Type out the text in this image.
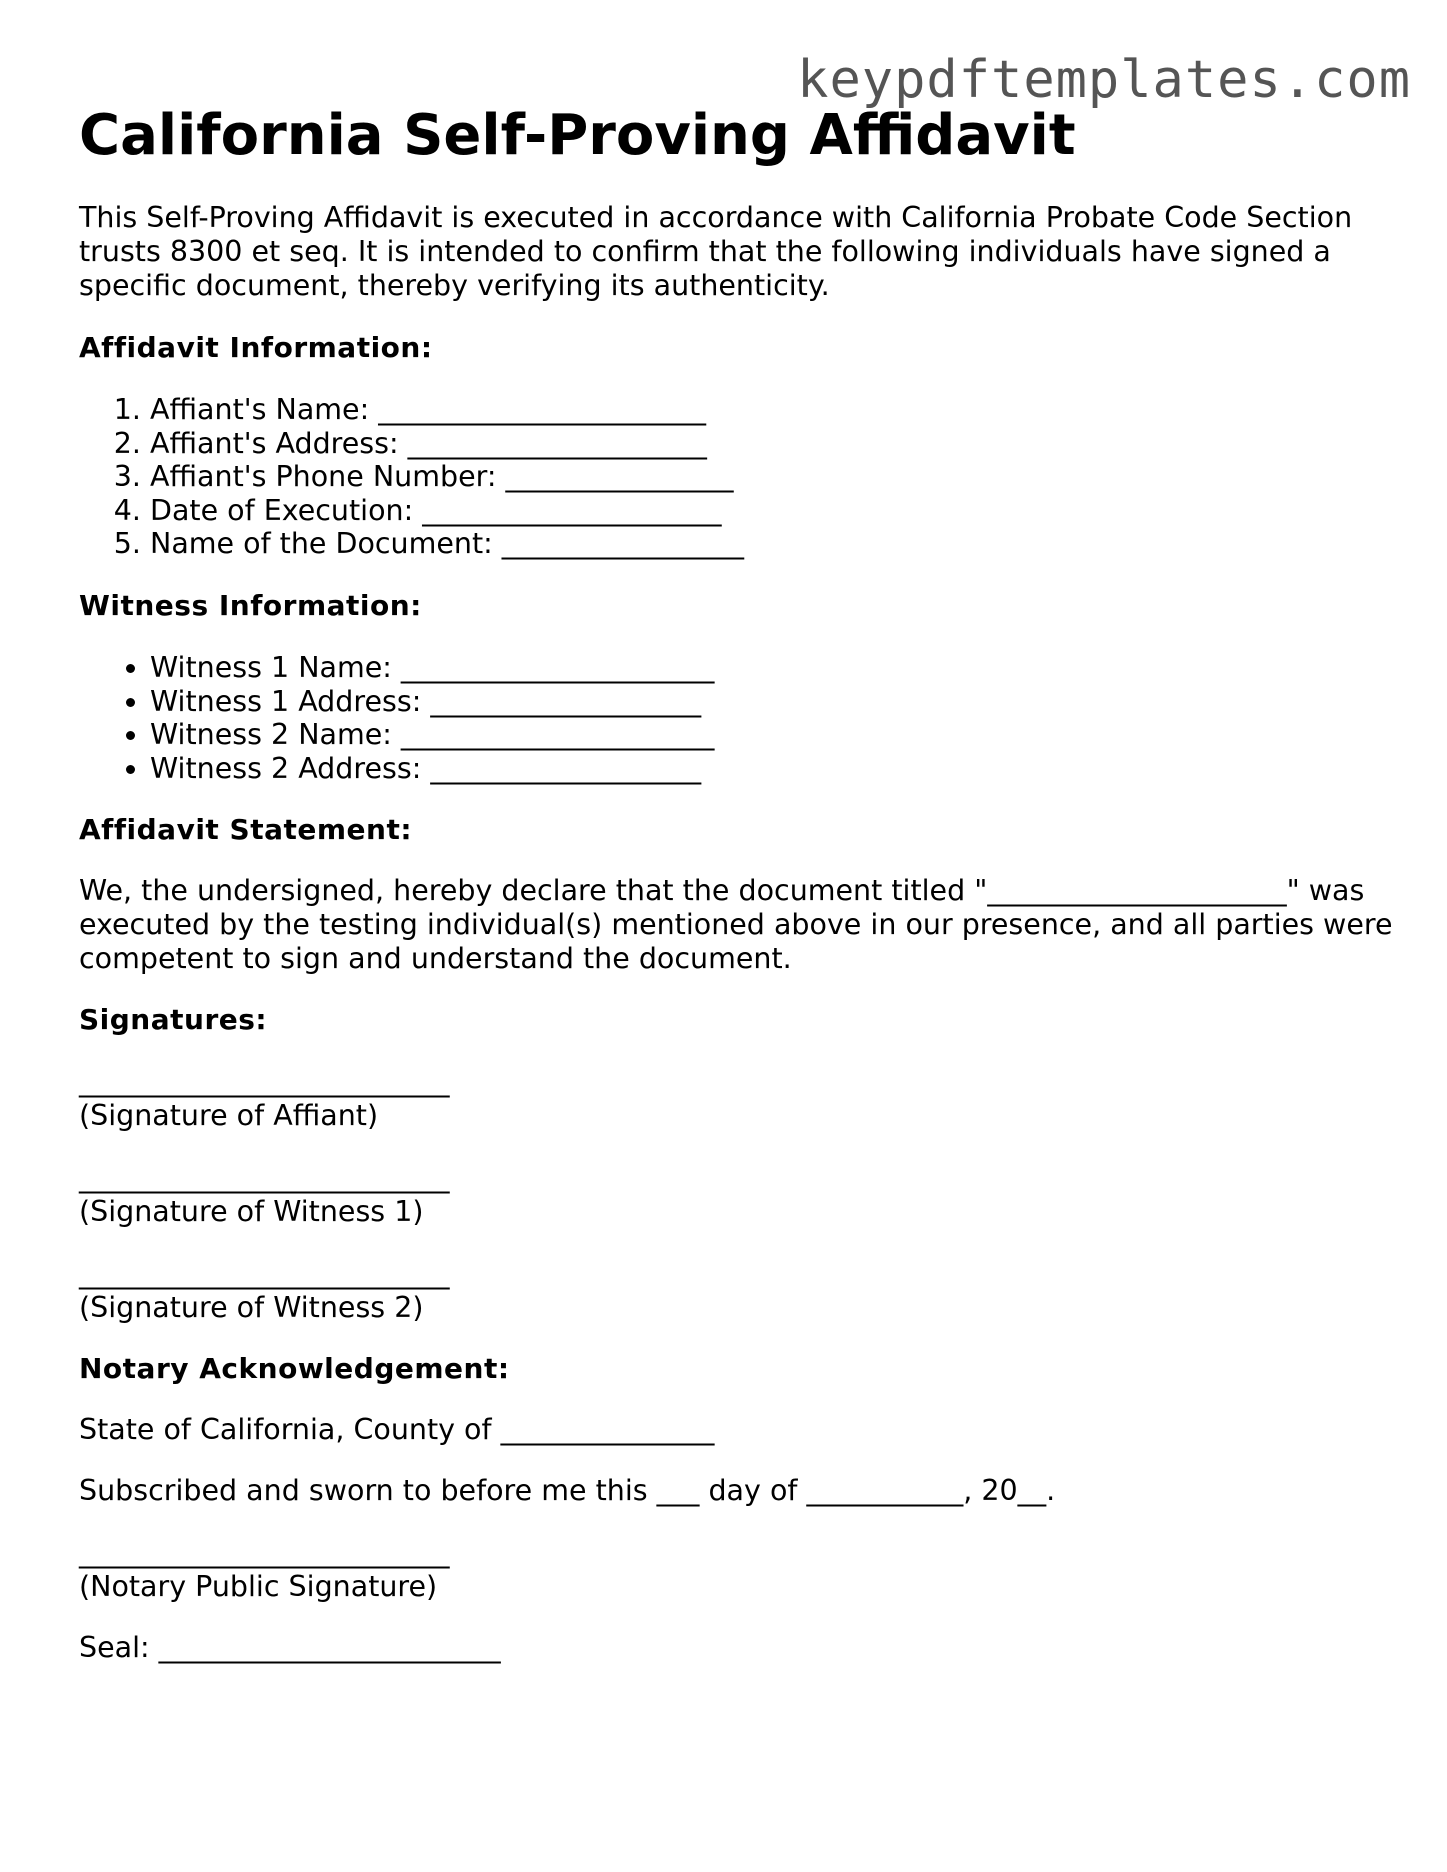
keypdftemplates.com
California Self-Proving Affidavit

This Self-Proving Affidavit is executed in accordance with California Probate Code Section trusts 8300 et seq. It is intended to confirm that the following individuals have signed a specific document, thereby verifying its authenticity.

Affidavit Information:

1. Affiant's Name: _______________________
2. Affiant's Address: _____________________
3. Affiant's Phone Number: ________________
4. Date of Execution: _____________________
5. Name of the Document: _________________

Witness Information:

• Witness 1 Name: ______________________
• Witness 1 Address: ___________________
• Witness 2 Name: ______________________
• Witness 2 Address: ___________________

Affidavit Statement:

We, the undersigned, hereby declare that the document titled "_____________________" was executed by the testing individual(s) mentioned above in our presence, and all parties were competent to sign and understand the document.

Signatures:

__________________________
(Signature of Affiant)
__________________________
(Signature of Witness 1)
__________________________
(Signature of Witness 2)

Notary Acknowledgement:

State of California, County of _______________

Subscribed and sworn to before me this ___ day of ___________, 20__.

__________________________
(Notary Public Signature)

Seal: ________________________
